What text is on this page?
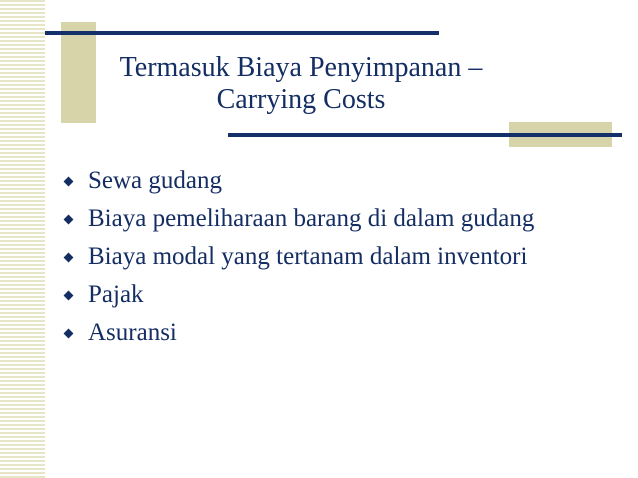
Termasuk Biaya Penyimpanan –
Carrying Costs
Sewa gudang
Biaya pemeliharaan barang di dalam gudang
Biaya modal yang tertanam dalam inventori
Pajak
Asuransi
